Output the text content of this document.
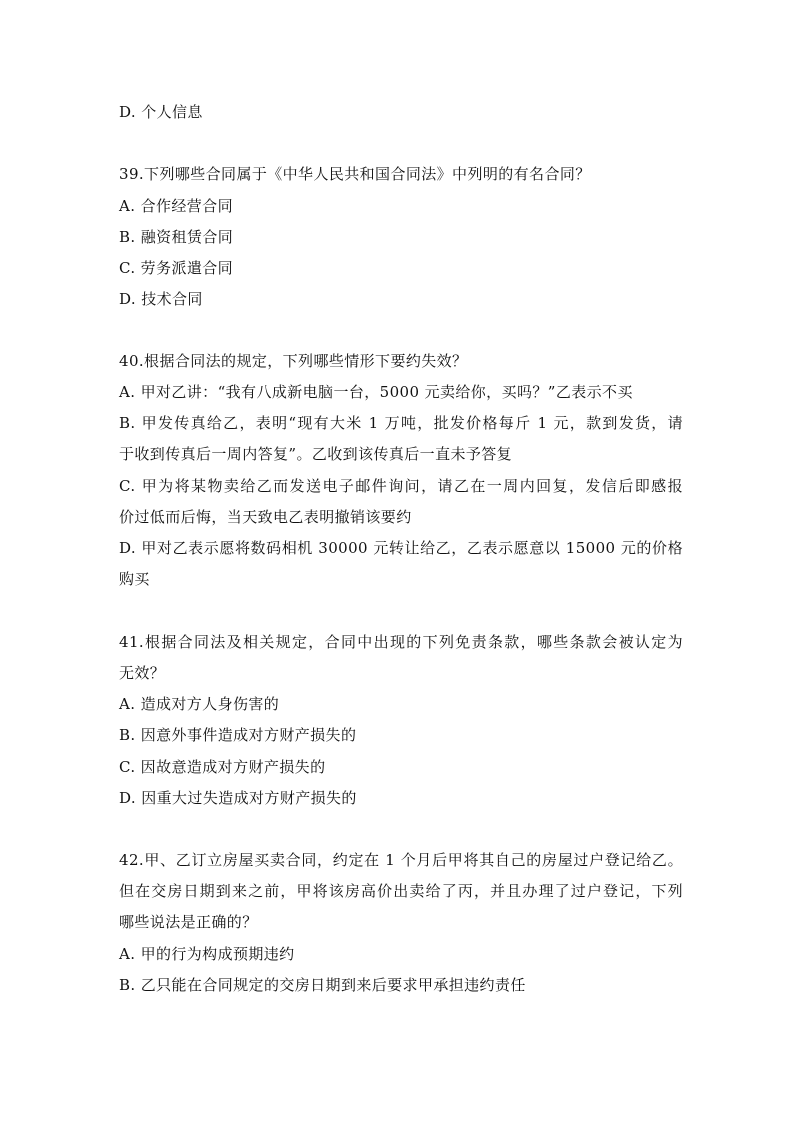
D. 个人信息
39.下列哪些合同属于《中华人民共和国合同法》中列明的有名合同？
A. 合作经营合同
B. 融资租赁合同
C. 劳务派遣合同
D. 技术合同
40.根据合同法的规定，下列哪些情形下要约失效？
A. 甲对乙讲：“我有八成新电脑一台，5000 元卖给你，买吗？”乙表示不买
B. 甲发传真给乙，表明“现有大米 1 万吨，批发价格每斤 1 元，款到发货，请
于收到传真后一周内答复”。乙收到该传真后一直未予答复
C. 甲为将某物卖给乙而发送电子邮件询问，请乙在一周内回复，发信后即感报
价过低而后悔，当天致电乙表明撤销该要约
D. 甲对乙表示愿将数码相机 30000 元转让给乙，乙表示愿意以 15000 元的价格
购买
41.根据合同法及相关规定，合同中出现的下列免责条款，哪些条款会被认定为
无效？
A. 造成对方人身伤害的
B. 因意外事件造成对方财产损失的
C. 因故意造成对方财产损失的
D. 因重大过失造成对方财产损失的
42.甲、乙订立房屋买卖合同，约定在 1 个月后甲将其自己的房屋过户登记给乙。
但在交房日期到来之前，甲将该房高价出卖给了丙，并且办理了过户登记，下列
哪些说法是正确的？
A. 甲的行为构成预期违约
B. 乙只能在合同规定的交房日期到来后要求甲承担违约责任
